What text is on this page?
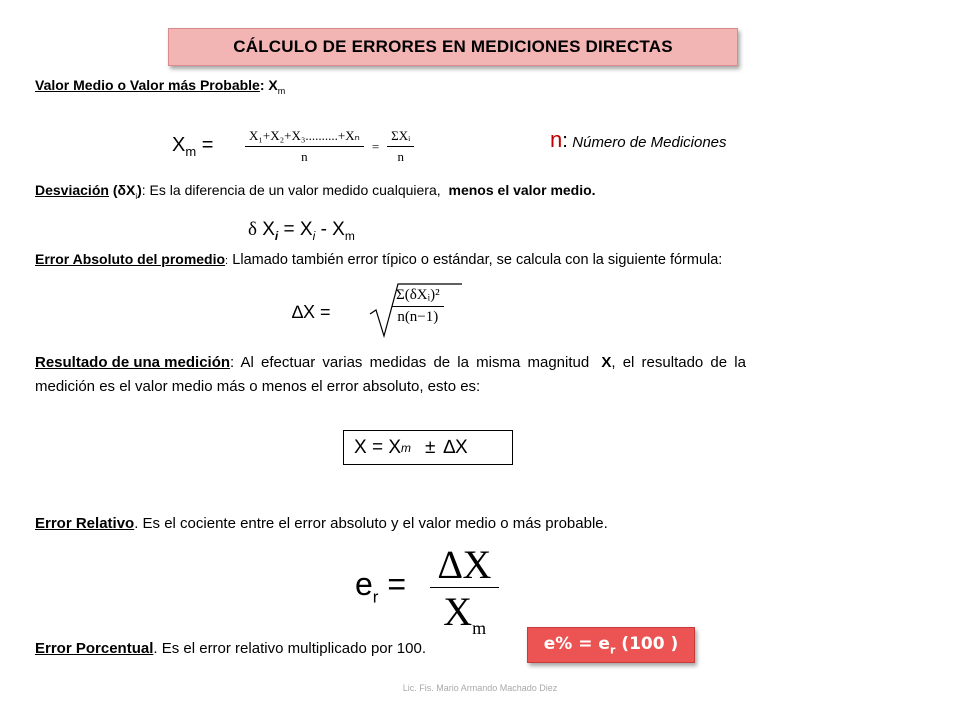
CÁLCULO DE ERRORES EN MEDICIONES DIRECTAS
Valor Medio o Valor más Probable: $X_m$
$X_m = \frac{\text{X₁+X₂+X₃..........+Xₙ}}{n} = \frac{\text{ΣXᵢ}}{n}$	n: Número de Mediciones
Desviación $(\delta X_i)$: Es la diferencia de un valor medido cualquiera, menos el valor medio.
δ $X_i = X_i - X_m$
Error Absoluto del promedio: Llamado también error típico o estándar, se calcula con la siguiente fórmula:
∆X =	$\frac{\text{Σ(δXᵢ)²}}{n(n-1)}$
Resultado de una medición: Al efectuar varias medidas de la misma magnitud X, el resultado de la
medición es el valor medio más o menos el error absoluto, esto es:
X = X m ± ∆X
Error Relativo. Es el cociente entre el error absoluto y el valor medio o más probable.
$e_r = \frac{\Delta X}{X_m}$
Error Porcentual. Es el error relativo multiplicado por 100.	$e\% = e_r$ (100 )
Lic. Fis. Mario Armando Machado Diez
